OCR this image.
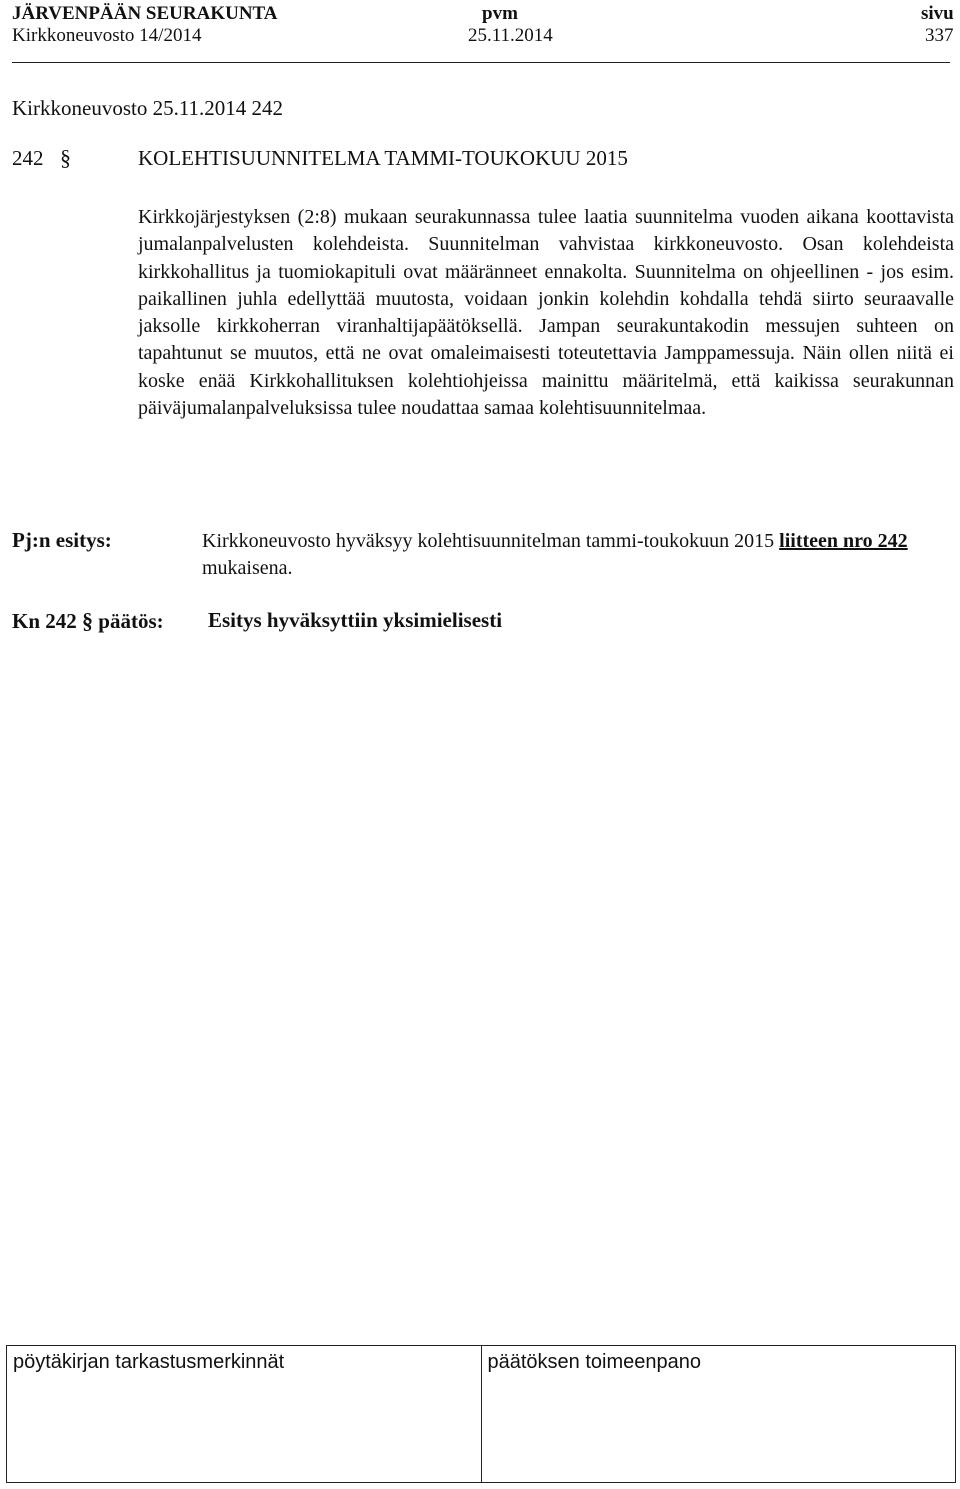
JÄRVENPÄÄN SEURAKUNTA	pvm	sivu
Kirkkoneuvosto 14/2014	25.11.2014	337
Kirkkoneuvosto 25.11.2014 242
242 §	KOLEHTISUUNNITELMA TAMMI-TOUKOKUU 2015
Kirkkojärjestyksen (2:8) mukaan seurakunnassa tulee laatia suunnitelma vuoden aikana koottavista jumalanpalvelusten kolehdeista. Suunnitelman vahvistaa kirkkoneuvosto. Osan kolehdeista kirkkohallitus ja tuomiokapituli ovat määränneet ennakolta. Suunnitelma on ohjeellinen - jos esim. paikallinen juhla edellyttää muutosta, voidaan jonkin kolehdin kohdalla tehdä siirto seuraavalle jaksolle kirkkoherran viranhaltijapäätöksellä. Jampan seurakuntakodin messujen suhteen on tapahtunut se muutos, että ne ovat omaleimaisesti toteutettavia Jamppamessuja. Näin ollen niitä ei koske enää Kirkkohallituksen kolehtiohjeissa mainittu määritelmä, että kaikissa seurakunnan päiväjumalanpalveluksissa tulee noudattaa samaa kolehtisuunnitelmaa.
Pj:n esitys:	Kirkkoneuvosto hyväksyy kolehtisuunnitelman tammi-toukokuun 2015 liitteen nro 242 mukaisena.
Kn 242 § päätös: Esitys hyväksyttiin yksimielisesti
pöytäkirjan tarkastusmerkinnät	päätöksen toimeenpano
